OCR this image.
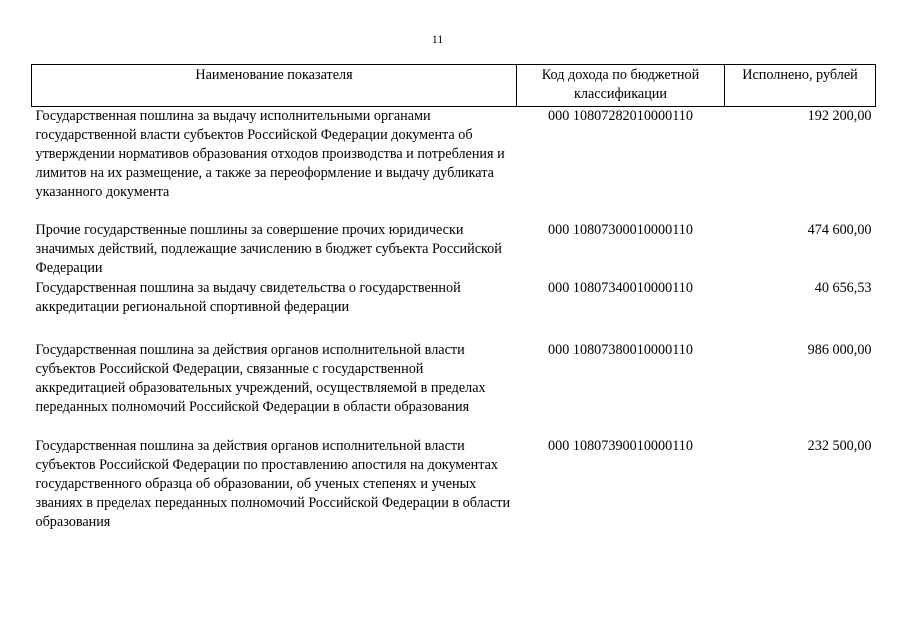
11
Наименование показателя	Код дохода по бюджетной классификации	Исполнено, рублей
Государственная пошлина за выдачу исполнительными органами государственной власти субъектов Российской Федерации документа об утверждении нормативов образования отходов производства и потребления и лимитов на их размещение, а также за переоформление и выдачу дубликата указанного документа	000 10807282010000110	192 200,00
Прочие государственные пошлины за совершение прочих юридически значимых действий, подлежащие зачислению в бюджет субъекта Российской Федерации	000 10807300010000110	474 600,00
Государственная пошлина за выдачу свидетельства о государственной аккредитации региональной спортивной федерации	000 10807340010000110	40 656,53
Государственная пошлина за действия органов исполнительной власти субъектов Российской Федерации, связанные с государственной аккредитацией образовательных учреждений, осуществляемой в пределах переданных полномочий Российской Федерации в области образования	000 10807380010000110	986 000,00
Государственная пошлина за действия органов исполнительной власти субъектов Российской Федерации по проставлению апостиля на документах государственного образца об образовании, об ученых степенях и ученых званиях в пределах переданных полномочий Российской Федерации в области образования	000 10807390010000110	232 500,00
